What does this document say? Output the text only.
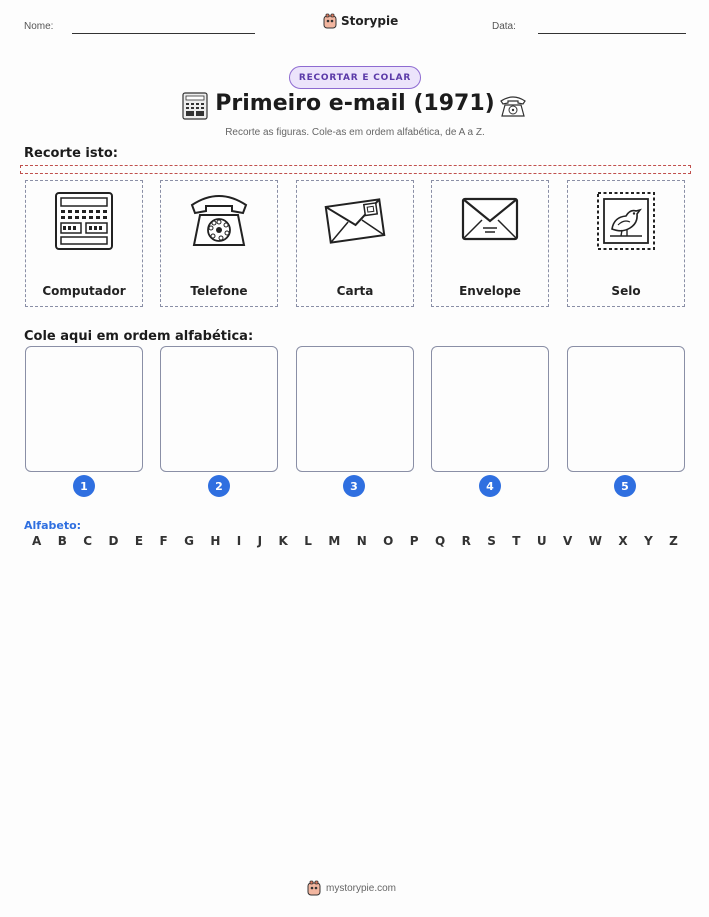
Nome:	Storypie	Data:
RECORTAR E COLAR
Primeiro e-mail (1971)
Recorte as figuras. Cole-as em ordem alfabética, de A a Z.
Recorte isto:
Computador	Telefone	Carta	Envelope	Selo
Cole aqui em ordem alfabética:
1	2	3	4	5
Alfabeto:
A B C D E F G H I J K L M N O P Q R S T U V W X Y Z
mystorypie.com
